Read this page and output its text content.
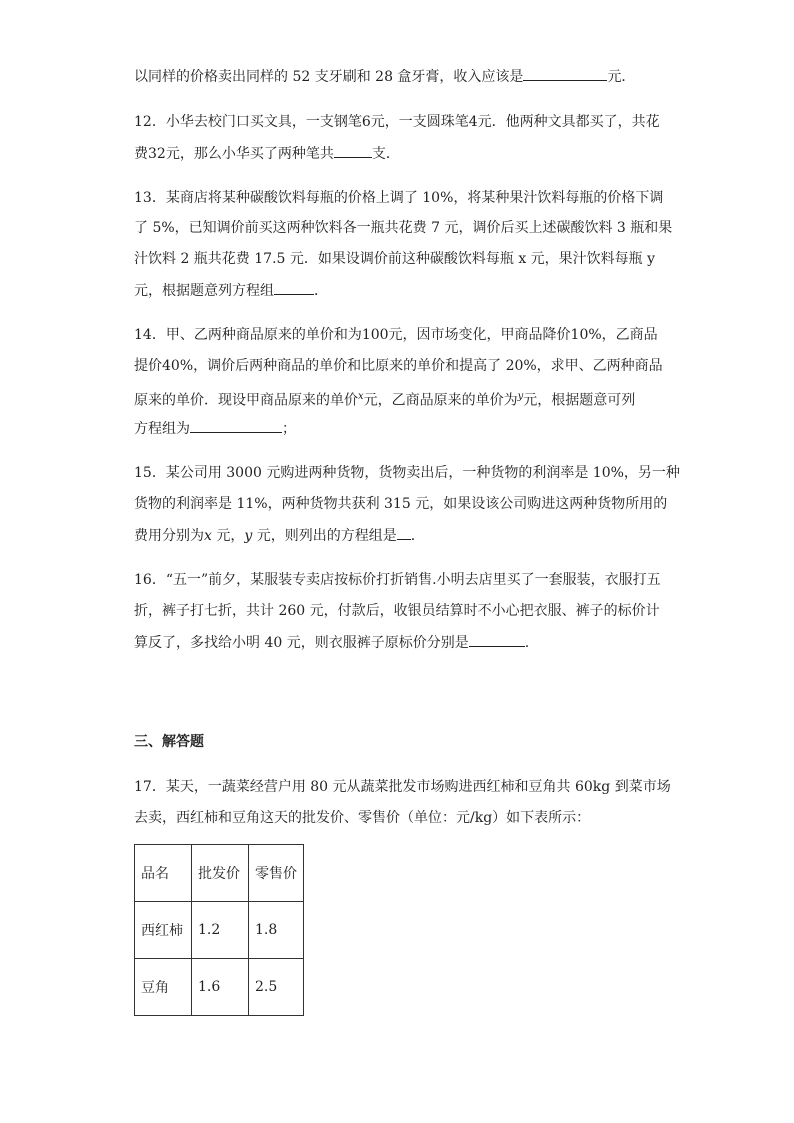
以同样的价格卖出同样的 52 支牙刷和 28 盒牙膏，收入应该是	元．
12．小华去校门口买文具，一支钢笔6元，一支圆珠笔4元．他两种文具都买了，共花
费32元，那么小华买了两种笔共	支．
13．某商店将某种碳酸饮料每瓶的价格上调了 10%，将某种果汁饮料每瓶的价格下调
了 5%，已知调价前买这两种饮料各一瓶共花费 7 元，调价后买上述碳酸饮料 3 瓶和果
汁饮料 2 瓶共花费 17.5 元．如果设调价前这种碳酸饮料每瓶 x 元，果汁饮料每瓶 y
元，根据题意列方程组	．
14．甲、乙两种商品原来的单价和为100元，因市场变化，甲商品降价10%，乙商品
提价40%，调价后两种商品的单价和比原来的单价和提高了 20%，求甲、乙两种商品
原来的单价．现设甲商品原来的单价$^x$元，乙商品原来的单价为$^y$元，根据题意可列
方程组为	；
15．某公司用 3000 元购进两种货物，货物卖出后，一种货物的利润率是 10%，另一种
货物的利润率是 11%，两种货物共获利 315 元，如果设该公司购进这两种货物所用的
费用分别为x 元，y 元，则列出的方程组是 ．
16．“五一”前夕，某服装专卖店按标价打折销售.小明去店里买了一套服装，衣服打五
折，裤子打七折，共计 260 元，付款后，收银员结算时不小心把衣服、裤子的标价计
算反了，多找给小明 40 元，则衣服裤子原标价分别是	.
三、解答题
17．某天，一蔬菜经营户用 80 元从蔬菜批发市场购进西红柿和豆角共 60kg 到菜市场
去卖，西红柿和豆角这天的批发价、零售价（单位：元/kg）如下表所示：
品名	批发价	零售价
西红柿	1.2	1.8
豆角	1.6	2.5
